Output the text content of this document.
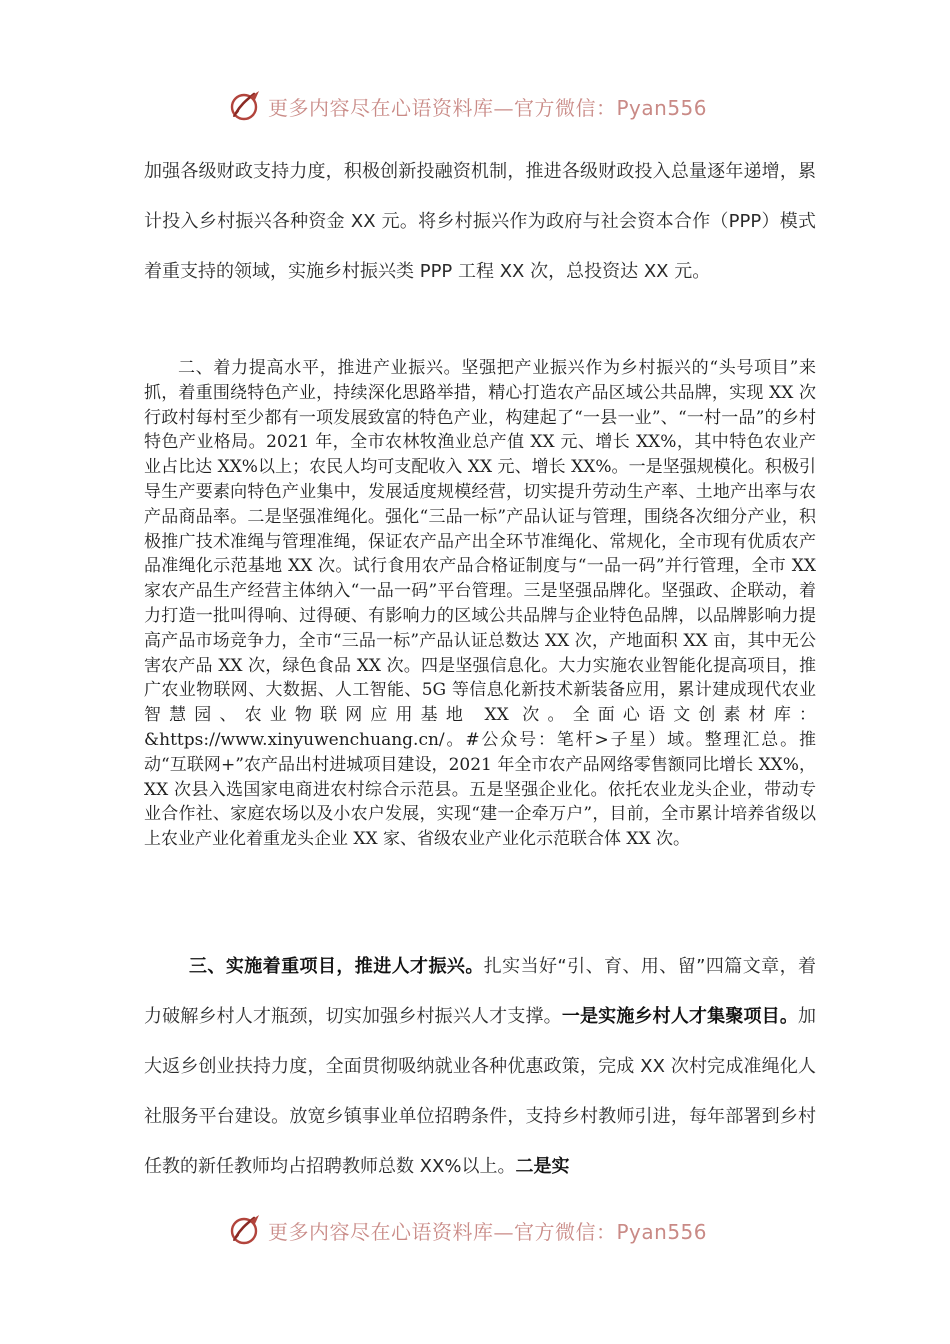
更多内容尽在心语资料库—官方微信：Pyan556

加强各级财政支持力度，积极创新投融资机制，推进各级财政投入总量逐年递增，累计投入乡村振兴各种资金 XX 元。将乡村振兴作为政府与社会资本合作（PPP）模式着重支持的领域，实施乡村振兴类 PPP 工程 XX 次，总投资达 XX 元。

二、着力提高水平，推进产业振兴。坚强把产业振兴作为乡村振兴的“头号项目”来抓，着重围绕特色产业，持续深化思路举措，精心打造农产品区域公共品牌，实现 XX 次行政村每村至少都有一项发展致富的特色产业，构建起了“一县一业”、“一村一品”的乡村特色产业格局。2021 年，全市农林牧渔业总产值 XX 元、增长 XX%，其中特色农业产业占比达 XX%以上；农民人均可支配收入 XX 元、增长 XX%。一是坚强规模化。积极引导生产要素向特色产业集中，发展适度规模经营，切实提升劳动生产率、土地产出率与农产品商品率。二是坚强准绳化。强化“三品一标”产品认证与管理，围绕各次细分产业，积极推广技术准绳与管理准绳，保证农产品产出全环节准绳化、常规化，全市现有优质农产品准绳化示范基地 XX 次。试行食用农产品合格证制度与“一品一码”并行管理，全市 XX 家农产品生产经营主体纳入“一品一码”平台管理。三是坚强品牌化。坚强政、企联动，着力打造一批叫得响、过得硬、有影响力的区域公共品牌与企业特色品牌，以品牌影响力提高产品市场竞争力，全市“三品一标”产品认证总数达 XX 次，产地面积 XX 亩，其中无公害农产品 XX 次，绿色食品 XX 次。四是坚强信息化。大力实施农业智能化提高项目，推广农业物联网、大数据、人工智能、5G 等信息化新技术新装备应用，累计建成现代农业智慧园、农业物联网应用基地 XX 次。全面心语文创素材库：&https://www.xinyuwenchuang.cn/。#公众号：笔杆>子星）域。整理汇总。推动“互联网+”农产品出村进城项目建设，2021 年全市农产品网络零售额同比增长 XX%，XX 次县入选国家电商进农村综合示范县。五是坚强企业化。依托农业龙头企业，带动专业合作社、家庭农场以及小农户发展，实现“建一企牵万户”，目前，全市累计培养省级以上农业产业化着重龙头企业 XX 家、省级农业产业化示范联合体 XX 次。

三、实施着重项目，推进人才振兴。扎实当好“引、育、用、留”四篇文章，着力破解乡村人才瓶颈，切实加强乡村振兴人才支撑。一是实施乡村人才集聚项目。加大返乡创业扶持力度，全面贯彻吸纳就业各种优惠政策，完成 XX 次村完成准绳化人社服务平台建设。放宽乡镇事业单位招聘条件，支持乡村教师引进，每年部署到乡村任教的新任教师均占招聘教师总数 XX%以上。二是实

更多内容尽在心语资料库—官方微信：Pyan556
